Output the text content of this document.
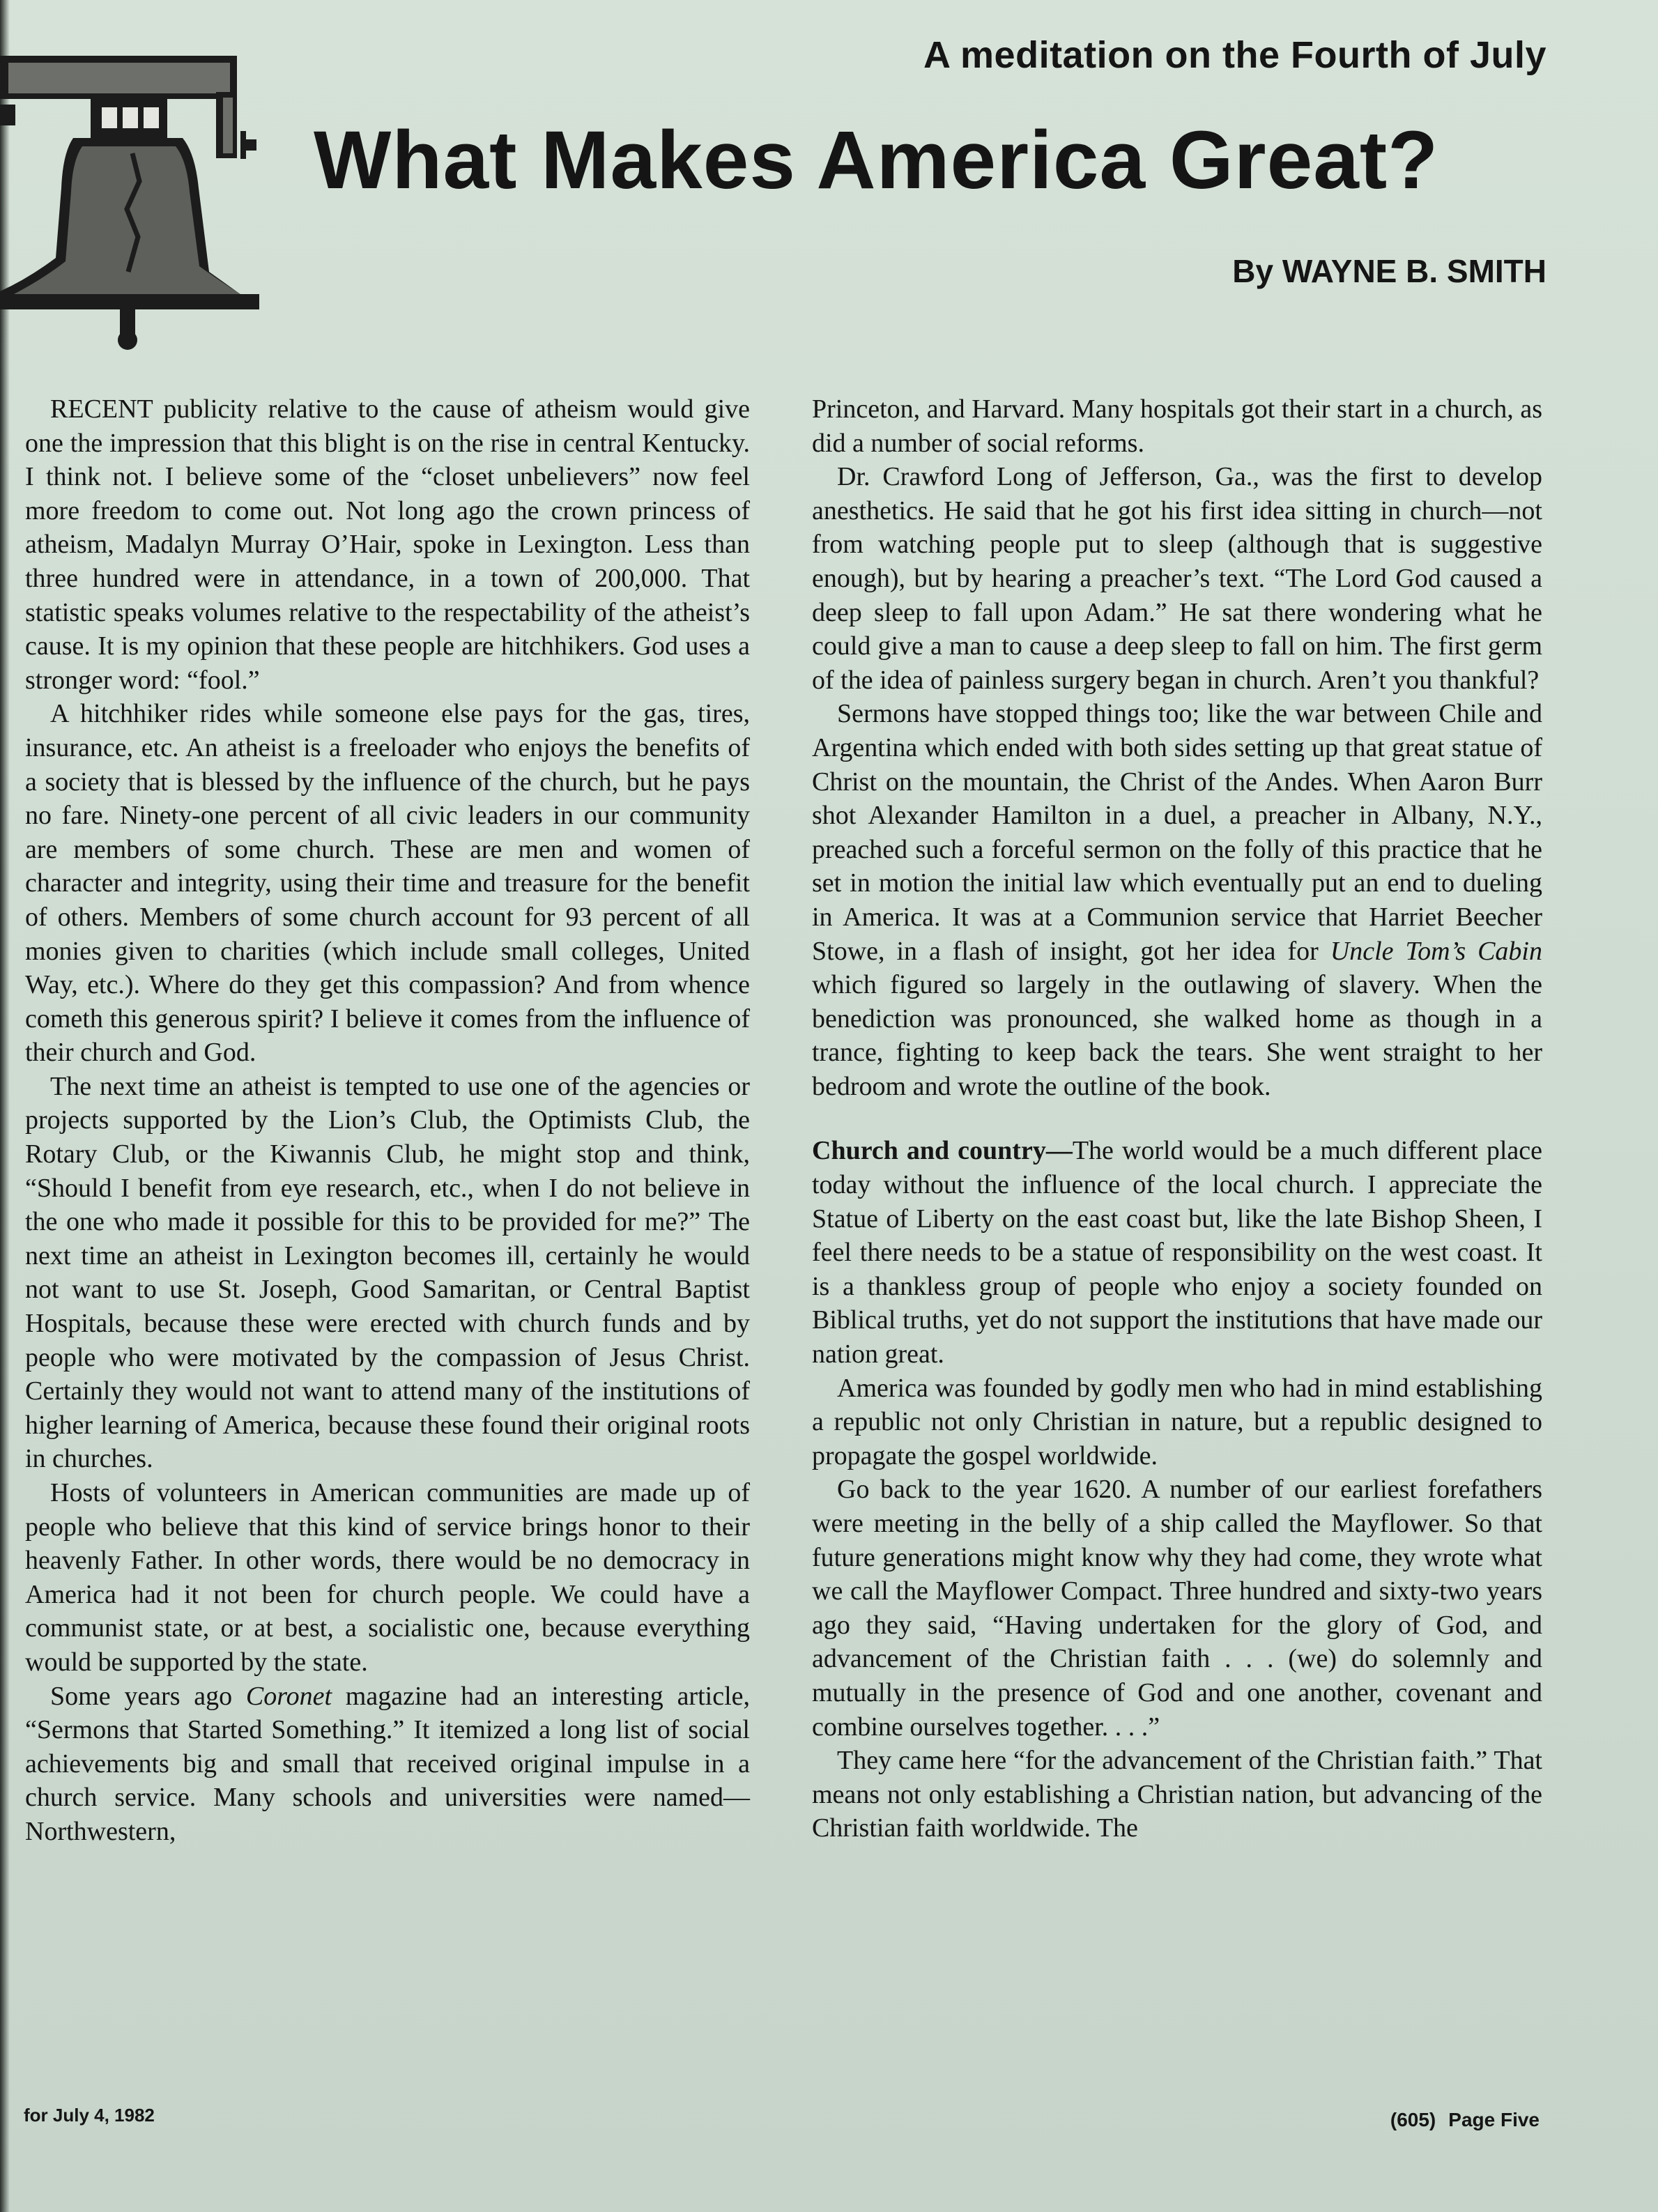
A meditation on the Fourth of July
What Makes America Great?
By WAYNE B. SMITH

RECENT publicity relative to the cause of atheism would give one the impression that this blight is on the rise in central Kentucky. I think not. I believe some of the “closet unbelievers” now feel more freedom to come out. Not long ago the crown princess of atheism, Madalyn Murray O’Hair, spoke in Lexington. Less than three hundred were in attendance, in a town of 200,000. That statistic speaks volumes relative to the respectability of the atheist’s cause. It is my opinion that these people are hitchhikers. God uses a stronger word: “fool.”

A hitchhiker rides while someone else pays for the gas, tires, insurance, etc. An atheist is a freeloader who enjoys the benefits of a society that is blessed by the influence of the church, but he pays no fare. Ninety-one percent of all civic leaders in our community are members of some church. These are men and women of character and integrity, using their time and treasure for the benefit of others. Members of some church account for 93 percent of all monies given to charities (which include small colleges, United Way, etc.). Where do they get this compassion? And from whence cometh this generous spirit? I believe it comes from the influence of their church and God.

The next time an atheist is tempted to use one of the agencies or projects supported by the Lion’s Club, the Optimists Club, the Rotary Club, or the Kiwannis Club, he might stop and think, “Should I benefit from eye research, etc., when I do not believe in the one who made it possible for this to be provided for me?” The next time an atheist in Lexington becomes ill, certainly he would not want to use St. Joseph, Good Samaritan, or Central Baptist Hospitals, because these were erected with church funds and by people who were motivated by the compassion of Jesus Christ. Certainly they would not want to attend many of the institutions of higher learning of America, because these found their original roots in churches.

Hosts of volunteers in American communities are made up of people who believe that this kind of service brings honor to their heavenly Father. In other words, there would be no democracy in America had it not been for church people. We could have a communist state, or at best, a socialistic one, because everything would be supported by the state.

Some years ago Coronet magazine had an interesting article, “Sermons that Started Something.” It itemized a long list of social achievements big and small that received original impulse in a church service. Many schools and universities were named—Northwestern,

Princeton, and Harvard. Many hospitals got their start in a church, as did a number of social reforms.

Dr. Crawford Long of Jefferson, Ga., was the first to develop anesthetics. He said that he got his first idea sitting in church—not from watching people put to sleep (although that is suggestive enough), but by hearing a preacher’s text. “The Lord God caused a deep sleep to fall upon Adam.” He sat there wondering what he could give a man to cause a deep sleep to fall on him. The first germ of the idea of painless surgery began in church. Aren’t you thankful?

Sermons have stopped things too; like the war between Chile and Argentina which ended with both sides setting up that great statue of Christ on the mountain, the Christ of the Andes. When Aaron Burr shot Alexander Hamilton in a duel, a preacher in Albany, N.Y., preached such a forceful sermon on the folly of this practice that he set in motion the initial law which eventually put an end to dueling in America. It was at a Communion service that Harriet Beecher Stowe, in a flash of insight, got her idea for Uncle Tom’s Cabin which figured so largely in the outlawing of slavery. When the benediction was pronounced, she walked home as though in a trance, fighting to keep back the tears. She went straight to her bedroom and wrote the outline of the book.

Church and country—The world would be a much different place today without the influence of the local church. I appreciate the Statue of Liberty on the east coast but, like the late Bishop Sheen, I feel there needs to be a statue of responsibility on the west coast. It is a thankless group of people who enjoy a society founded on Biblical truths, yet do not support the institutions that have made our nation great.

America was founded by godly men who had in mind establishing a republic not only Christian in nature, but a republic designed to propagate the gospel worldwide.

Go back to the year 1620. A number of our earliest forefathers were meeting in the belly of a ship called the Mayflower. So that future generations might know why they had come, they wrote what we call the Mayflower Compact. Three hundred and sixty-two years ago they said, “Having undertaken for the glory of God, and advancement of the Christian faith . . . (we) do solemnly and mutually in the presence of God and one another, covenant and combine ourselves together. . . .”

They came here “for the advancement of the Christian faith.” That means not only establishing a Christian nation, but advancing of the Christian faith worldwide. The

for July 4, 1982	(605) Page Five
